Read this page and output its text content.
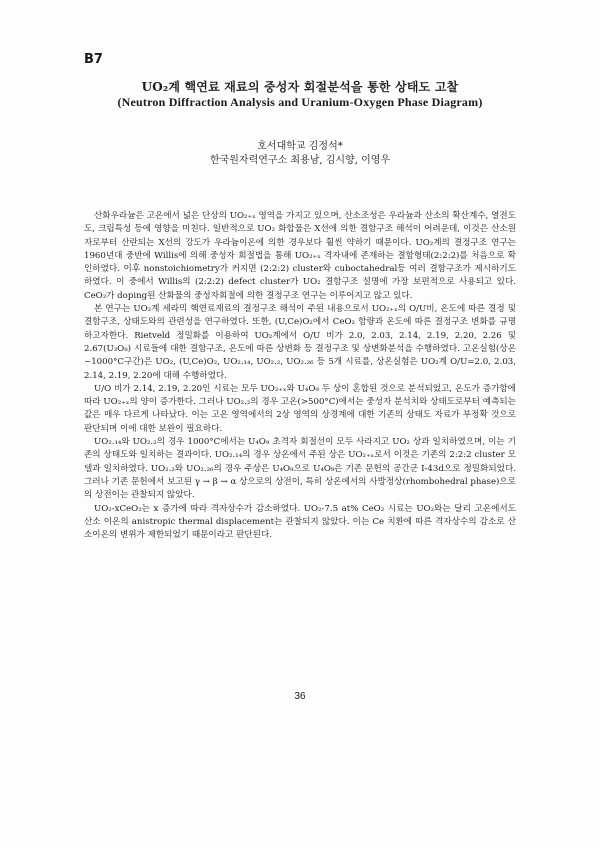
B7
UO₂계 핵연료 재료의 중성자 회절분석을 통한 상태도 고찰
(Neutron Diffraction Analysis and Uranium-Oxygen Phase Diagram)
호서대학교 김정석*
한국원자력연구소 최용남, 김시향, 이영우

산화우라늄은 고온에서 넓은 단상의 UO₂₊ₓ 영역을 가지고 있으며, 산소조성은 우라늄과 산소의 확산계수, 열전도도, 크립특성 등에 영향을 미친다. 일반적으로 UO₂ 화합물은 X선에 의한 결함구조 해석이 어려운데, 이것은 산소원자로부터 산란되는 X선의 강도가 우라늄이온에 의한 경우보다 훨씬 약하기 때문이다. UO₂계의 결정구조 연구는 1960년대 중반에 Willis에 의해 중성자 회절법을 통해 UO₂₊ₓ 격자내에 존재하는 결함형태(2:2:2)를 처음으로 확인하였다. 이후 nonstoichiometry가 커지면 (2:2:2) cluster와 cuboctahedral등 여러 결함구조가 제시하기도 하였다. 이 중에서 Willis의 (2:2:2) defect cluster가 UO₂ 결함구조 설명에 가장 보편적으로 사용되고 있다. CeO₂가 doping된 산화물의 중성자회절에 의한 결정구조 연구는 이루어지고 않고 있다.

본 연구는 UO₂계 세라믹 핵연료재료의 결정구조 해석이 주된 내용으로서 UO₂₊ₓ의 O/U비, 온도에 따른 결정 및 결함구조, 상태도와의 관련성을 연구하였다. 또한, (U,Ce)O₂에서 CeO₂ 함량과 온도에 따른 결정구조 변화를 규명하고자한다. Rietveld 정밀화를 이용하여 UO₂계에서 O/U 비가 2.0, 2.03, 2.14, 2.19, 2.20, 2.26 및 2.67(U₃O₈) 시료들에 대한 결함구조, 온도에 따른 상변화 등 결정구조 및 상변화분석을 수행하였다. 고온실험(상온~1000°C구간)은 UO₂, (U,Ce)O₂, UO₂.₁₄, UO₂.₂, UO₂.₂₆ 등 5개 시료를, 상온실험은 UO₂계 O/U=2.0, 2.03, 2.14, 2.19, 2.20에 대해 수행하였다.

U/O 비가 2.14, 2.19, 2.20인 시료는 모두 UO₂₊ₓ와 U₄O₉ 두 상이 혼합된 것으로 분석되었고, 온도가 증가함에 따라 UO₂₊ₓ의 양이 증가한다. 그러나 UO₂.₂의 경우 고온(>500°C)에서는 중성자 분석치와 상태도로부터 예측되는 값은 매우 다르게 나타났다. 이는 고온 영역에서의 2상 영역의 상경계에 대한 기존의 상태도 자료가 부정확 것으로 판단되며 이에 대한 보완이 필요하다.

UO₂.₁₄와 UO₂.₂의 경우 1000°C에서는 U₄O₉ 초격자 회절선이 모두 사라지고 UO₂ 상과 일치하였으며, 이는 기존의 상태도와 일치하는 결과이다. UO₂.₁₄의 경우 상온에서 주된 상은 UO₂₊ₓ로서 이것은 기존의 2:2:2 cluster 모델과 일치하였다. UO₂.₂와 UO₂.₂₆의 경우 주상은 U₄O₉으로 U₄O₉은 기존 문헌의 공간군 I-43d으로 정밀화되었다. 그러나 기존 문헌에서 보고된 γ → β → α 상으로의 상전이, 특히 상온에서의 사방정상(rhombohedral phase)으로의 상전이는 관찰되지 않았다.

UO₂-xCeO₂는 x 증가에 따라 격자상수가 감소하였다. UO₂-7.5 at% CeO₂ 시료는 UO₂와는 달리 고온에서도 산소 이온의 anistropic thermal displacement는 관찰되지 않았다. 이는 Ce 치환에 따른 격자상수의 감소로 산소이온의 변위가 제한되었기 때문이라고 판단된다.

36
